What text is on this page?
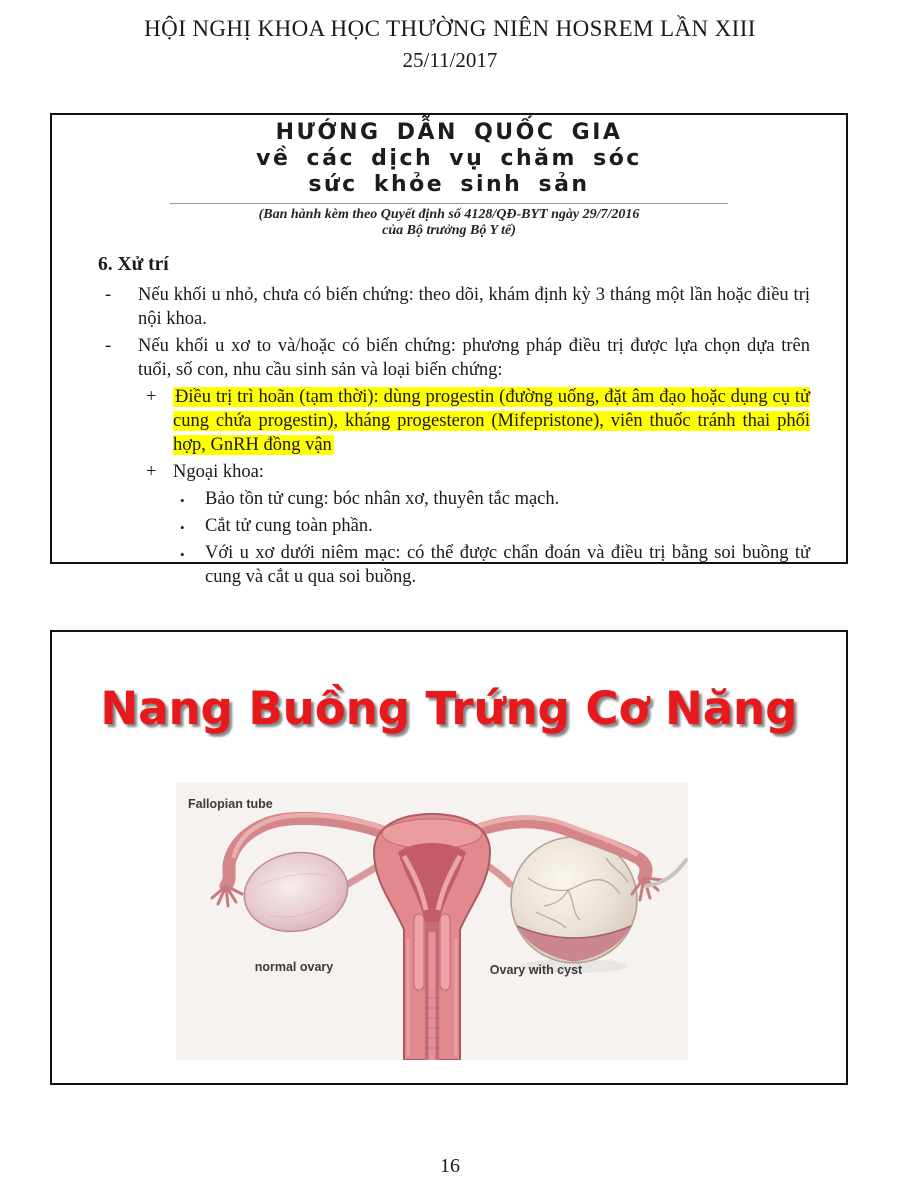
HỘI NGHỊ KHOA HỌC THƯỜNG NIÊN HOSREM LẦN XIII
25/11/2017
HƯỚNG DẪN QUỐC GIA
về các dịch vụ chăm sóc
sức khỏe sinh sản
(Ban hành kèm theo Quyết định số 4128/QĐ-BYT ngày 29/7/2016
của Bộ trưởng Bộ Y tế)
6. Xử trí
- Nếu khối u nhỏ, chưa có biến chứng: theo dõi, khám định kỳ 3 tháng một lần hoặc điều trị nội khoa.
- Nếu khối u xơ to và/hoặc có biến chứng: phương pháp điều trị được lựa chọn dựa trên tuổi, số con, nhu cầu sinh sản và loại biến chứng:
+ Điều trị trì hoãn (tạm thời): dùng progestin (đường uống, đặt âm đạo hoặc dụng cụ tử cung chứa progestin), kháng progesteron (Mifepristone), viên thuốc tránh thai phối hợp, GnRH đồng vận
+ Ngoại khoa:
• Bảo tồn tử cung: bóc nhân xơ, thuyên tắc mạch.
• Cắt tử cung toàn phần.
• Với u xơ dưới niêm mạc: có thể được chẩn đoán và điều trị bằng soi buồng tử cung và cắt u qua soi buồng.
Nang Buồng Trứng Cơ Năng
Fallopian tube
normal ovary	Ovary with cyst
16
